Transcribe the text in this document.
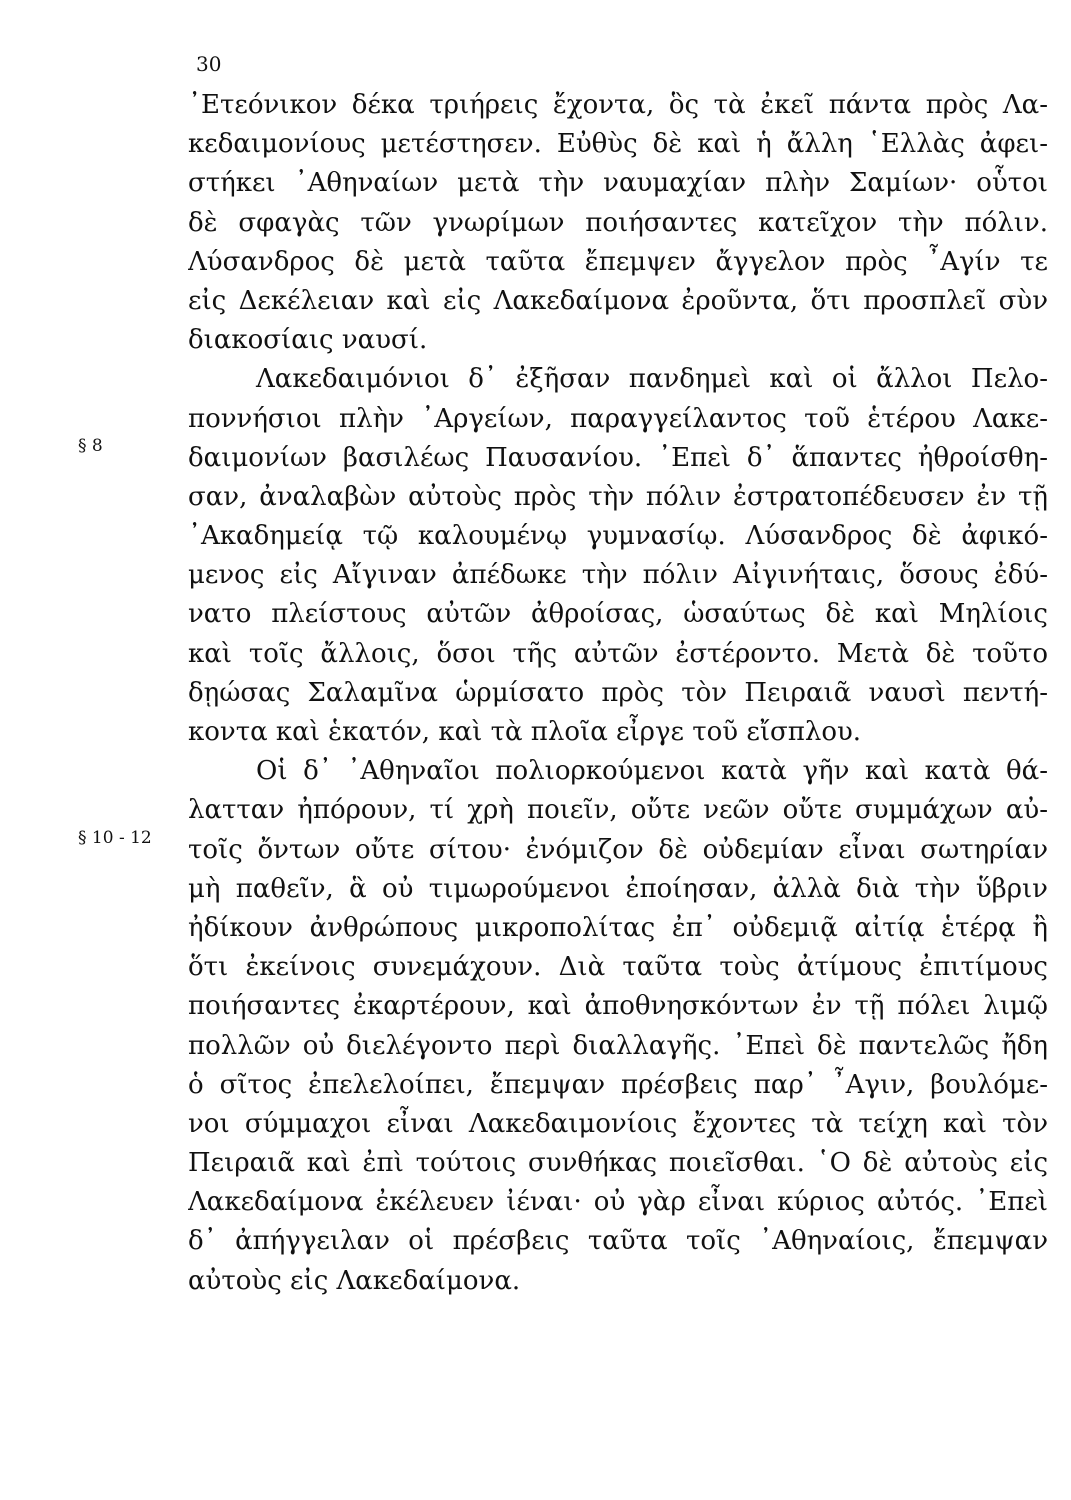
30
§ 8
§ 10 - 12
᾿Ετεόνικον δέκα τριήρεις ἔχοντα, ὃς τὰ ἐκεῖ πάντα πρὸς Λα-
κεδαιμονίους μετέστησεν. Εὐθὺς δὲ καὶ ἡ ἄλλη ῾Ελλὰς ἀφει-
στήκει ᾿Αθηναίων μετὰ τὴν ναυμαχίαν πλὴν Σαμίων· οὗτοι
δὲ σφαγὰς τῶν γνωρίμων ποιήσαντες κατεῖχον τὴν πόλιν.
Λύσανδρος δὲ μετὰ ταῦτα ἔπεμψεν ἄγγελον πρὸς ῏Αγίν τε
εἰς Δεκέλειαν καὶ εἰς Λακεδαίμονα ἐροῦντα, ὅτι προσπλεῖ σὺν
διακοσίαις ναυσί.
Λακεδαιμόνιοι δ᾿ ἐξῆσαν πανδημεὶ καὶ οἱ ἄλλοι Πελο-
ποννήσιοι πλὴν ᾿Αργείων, παραγγείλαντος τοῦ ἑτέρου Λακε-
δαιμονίων βασιλέως Παυσανίου. ᾿Επεὶ δ᾿ ἅπαντες ἠθροίσθη-
σαν, ἀναλαβὼν αὐτοὺς πρὸς τὴν πόλιν ἐστρατοπέδευσεν ἐν τῇ
᾿Ακαδημείᾳ τῷ καλουμένῳ γυμνασίῳ. Λύσανδρος δὲ ἀφικό-
μενος εἰς Αἴγιναν ἀπέδωκε τὴν πόλιν Αἰγινήταις, ὅσους ἐδύ-
νατο πλείστους αὐτῶν ἀθροίσας, ὡσαύτως δὲ καὶ Μηλίοις
καὶ τοῖς ἄλλοις, ὅσοι τῆς αὐτῶν ἐστέροντο. Μετὰ δὲ τοῦτο
δῃώσας Σαλαμῖνα ὡρμίσατο πρὸς τὸν Πειραιᾶ ναυσὶ πεντή-
κοντα καὶ ἑκατόν, καὶ τὰ πλοῖα εἶργε τοῦ εἴσπλου.
Οἱ δ᾿ ᾿Αθηναῖοι πολιορκούμενοι κατὰ γῆν καὶ κατὰ θά-
λατταν ἠπόρουν, τί χρὴ ποιεῖν, οὔτε νεῶν οὔτε συμμάχων αὐ-
τοῖς ὄντων οὔτε σίτου· ἐνόμιζον δὲ οὐδεμίαν εἶναι σωτηρίαν
μὴ παθεῖν, ἃ οὐ τιμωρούμενοι ἐποίησαν, ἀλλὰ διὰ τὴν ὕβριν
ἠδίκουν ἀνθρώπους μικροπολίτας ἐπ᾿ οὐδεμιᾷ αἰτίᾳ ἑτέρᾳ ἢ
ὅτι ἐκείνοις συνεμάχουν. Διὰ ταῦτα τοὺς ἀτίμους ἐπιτίμους
ποιήσαντες ἐκαρτέρουν, καὶ ἀποθνησκόντων ἐν τῇ πόλει λιμῷ
πολλῶν οὐ διελέγοντο περὶ διαλλαγῆς. ᾿Επεὶ δὲ παντελῶς ἤδη
ὁ σῖτος ἐπελελοίπει, ἔπεμψαν πρέσβεις παρ᾿ ῏Αγιν, βουλόμε-
νοι σύμμαχοι εἶναι Λακεδαιμονίοις ἔχοντες τὰ τείχη καὶ τὸν
Πειραιᾶ καὶ ἐπὶ τούτοις συνθήκας ποιεῖσθαι. ῾Ο δὲ αὐτοὺς εἰς
Λακεδαίμονα ἐκέλευεν ἰέναι· οὐ γὰρ εἶναι κύριος αὐτός. ᾿Επεὶ
δ᾿ ἀπήγγειλαν οἱ πρέσβεις ταῦτα τοῖς ᾿Αθηναίοις, ἔπεμψαν
αὐτοὺς εἰς Λακεδαίμονα.
